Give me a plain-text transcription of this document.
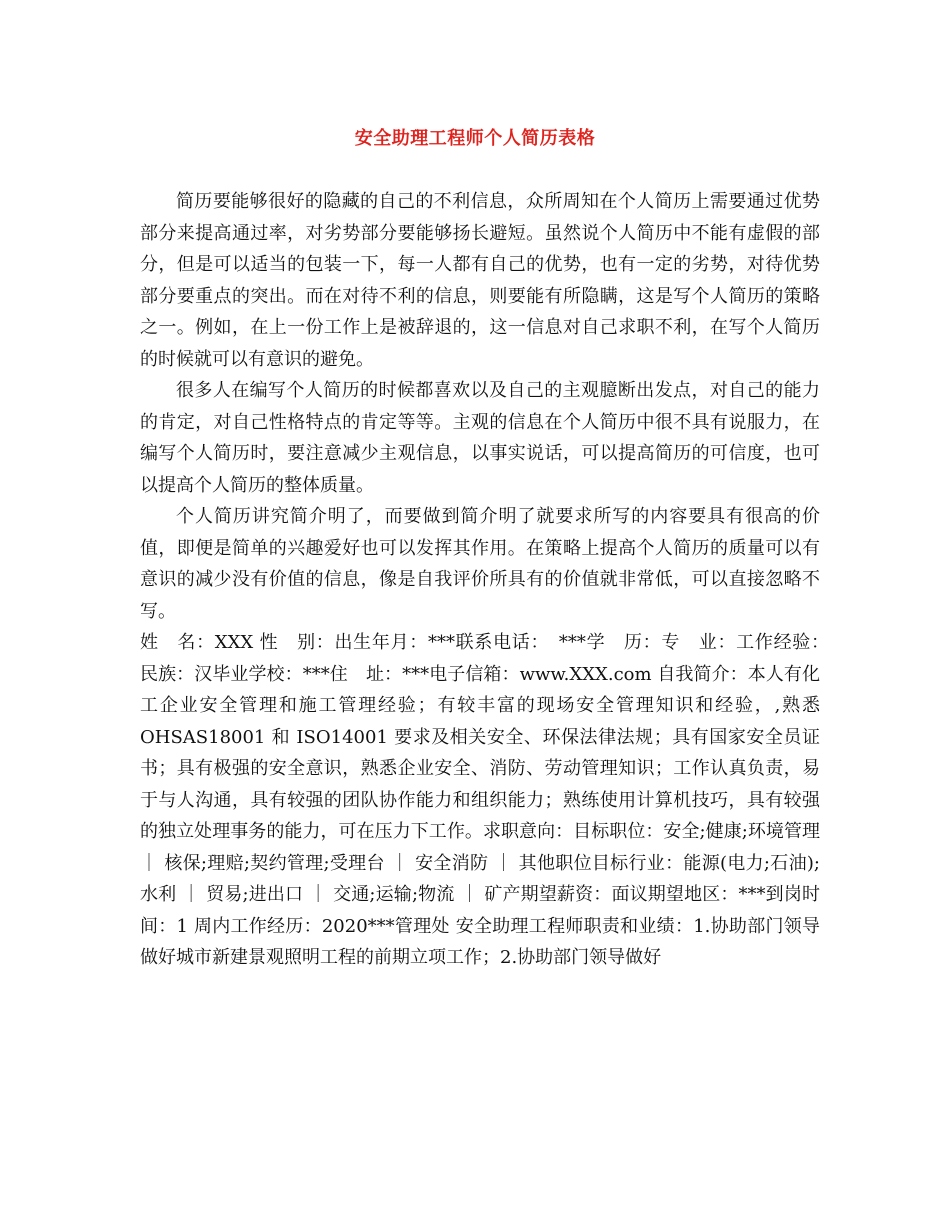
安全助理工程师个人简历表格

简历要能够很好的隐藏的自己的不利信息，众所周知在个人简历上需要通过优势部分来提高通过率，对劣势部分要能够扬长避短。虽然说个人简历中不能有虚假的部分，但是可以适当的包装一下，每一人都有自己的优势，也有一定的劣势，对待优势部分要重点的突出。而在对待不利的信息，则要能有所隐瞒，这是写个人简历的策略之一。例如，在上一份工作上是被辞退的，这一信息对自己求职不利，在写个人简历的时候就可以有意识的避免。

很多人在编写个人简历的时候都喜欢以及自己的主观臆断出发点，对自己的能力的肯定，对自己性格特点的肯定等等。主观的信息在个人简历中很不具有说服力，在编写个人简历时，要注意减少主观信息，以事实说话，可以提高简历的可信度，也可以提高个人简历的整体质量。

个人简历讲究简介明了，而要做到简介明了就要求所写的内容要具有很高的价值，即便是简单的兴趣爱好也可以发挥其作用。在策略上提高个人简历的质量可以有意识的减少没有价值的信息，像是自我评价所具有的价值就非常低，可以直接忽略不写。

姓　名：XXX 性　别：出生年月：***联系电话：　***学　历：专　业：工作经验：　民族：汉毕业学校：***住　址：***电子信箱：www.XXX.com 自我简介：本人有化工企业安全管理和施工管理经验；有较丰富的现场安全管理知识和经验，,熟悉 OHSAS18001 和 ISO14001 要求及相关安全、环保法律法规；具有国家安全员证书；具有极强的安全意识，熟悉企业安全、消防、劳动管理知识；工作认真负责，易于与人沟通，具有较强的团队协作能力和组织能力；熟练使用计算机技巧，具有较强的独立处理事务的能力，可在压力下工作。求职意向：目标职位：安全;健康;环境管理 ｜ 核保;理赔;契约管理;受理台 ｜ 安全消防 ｜ 其他职位目标行业：能源(电力;石油);水利 ｜ 贸易;进出口 ｜ 交通;运输;物流 ｜ 矿产期望薪资：面议期望地区：***到岗时间：1 周内工作经历：2020***管理处 安全助理工程师职责和业绩：1.协助部门领导做好城市新建景观照明工程的前期立项工作；2.协助部门领导做好
